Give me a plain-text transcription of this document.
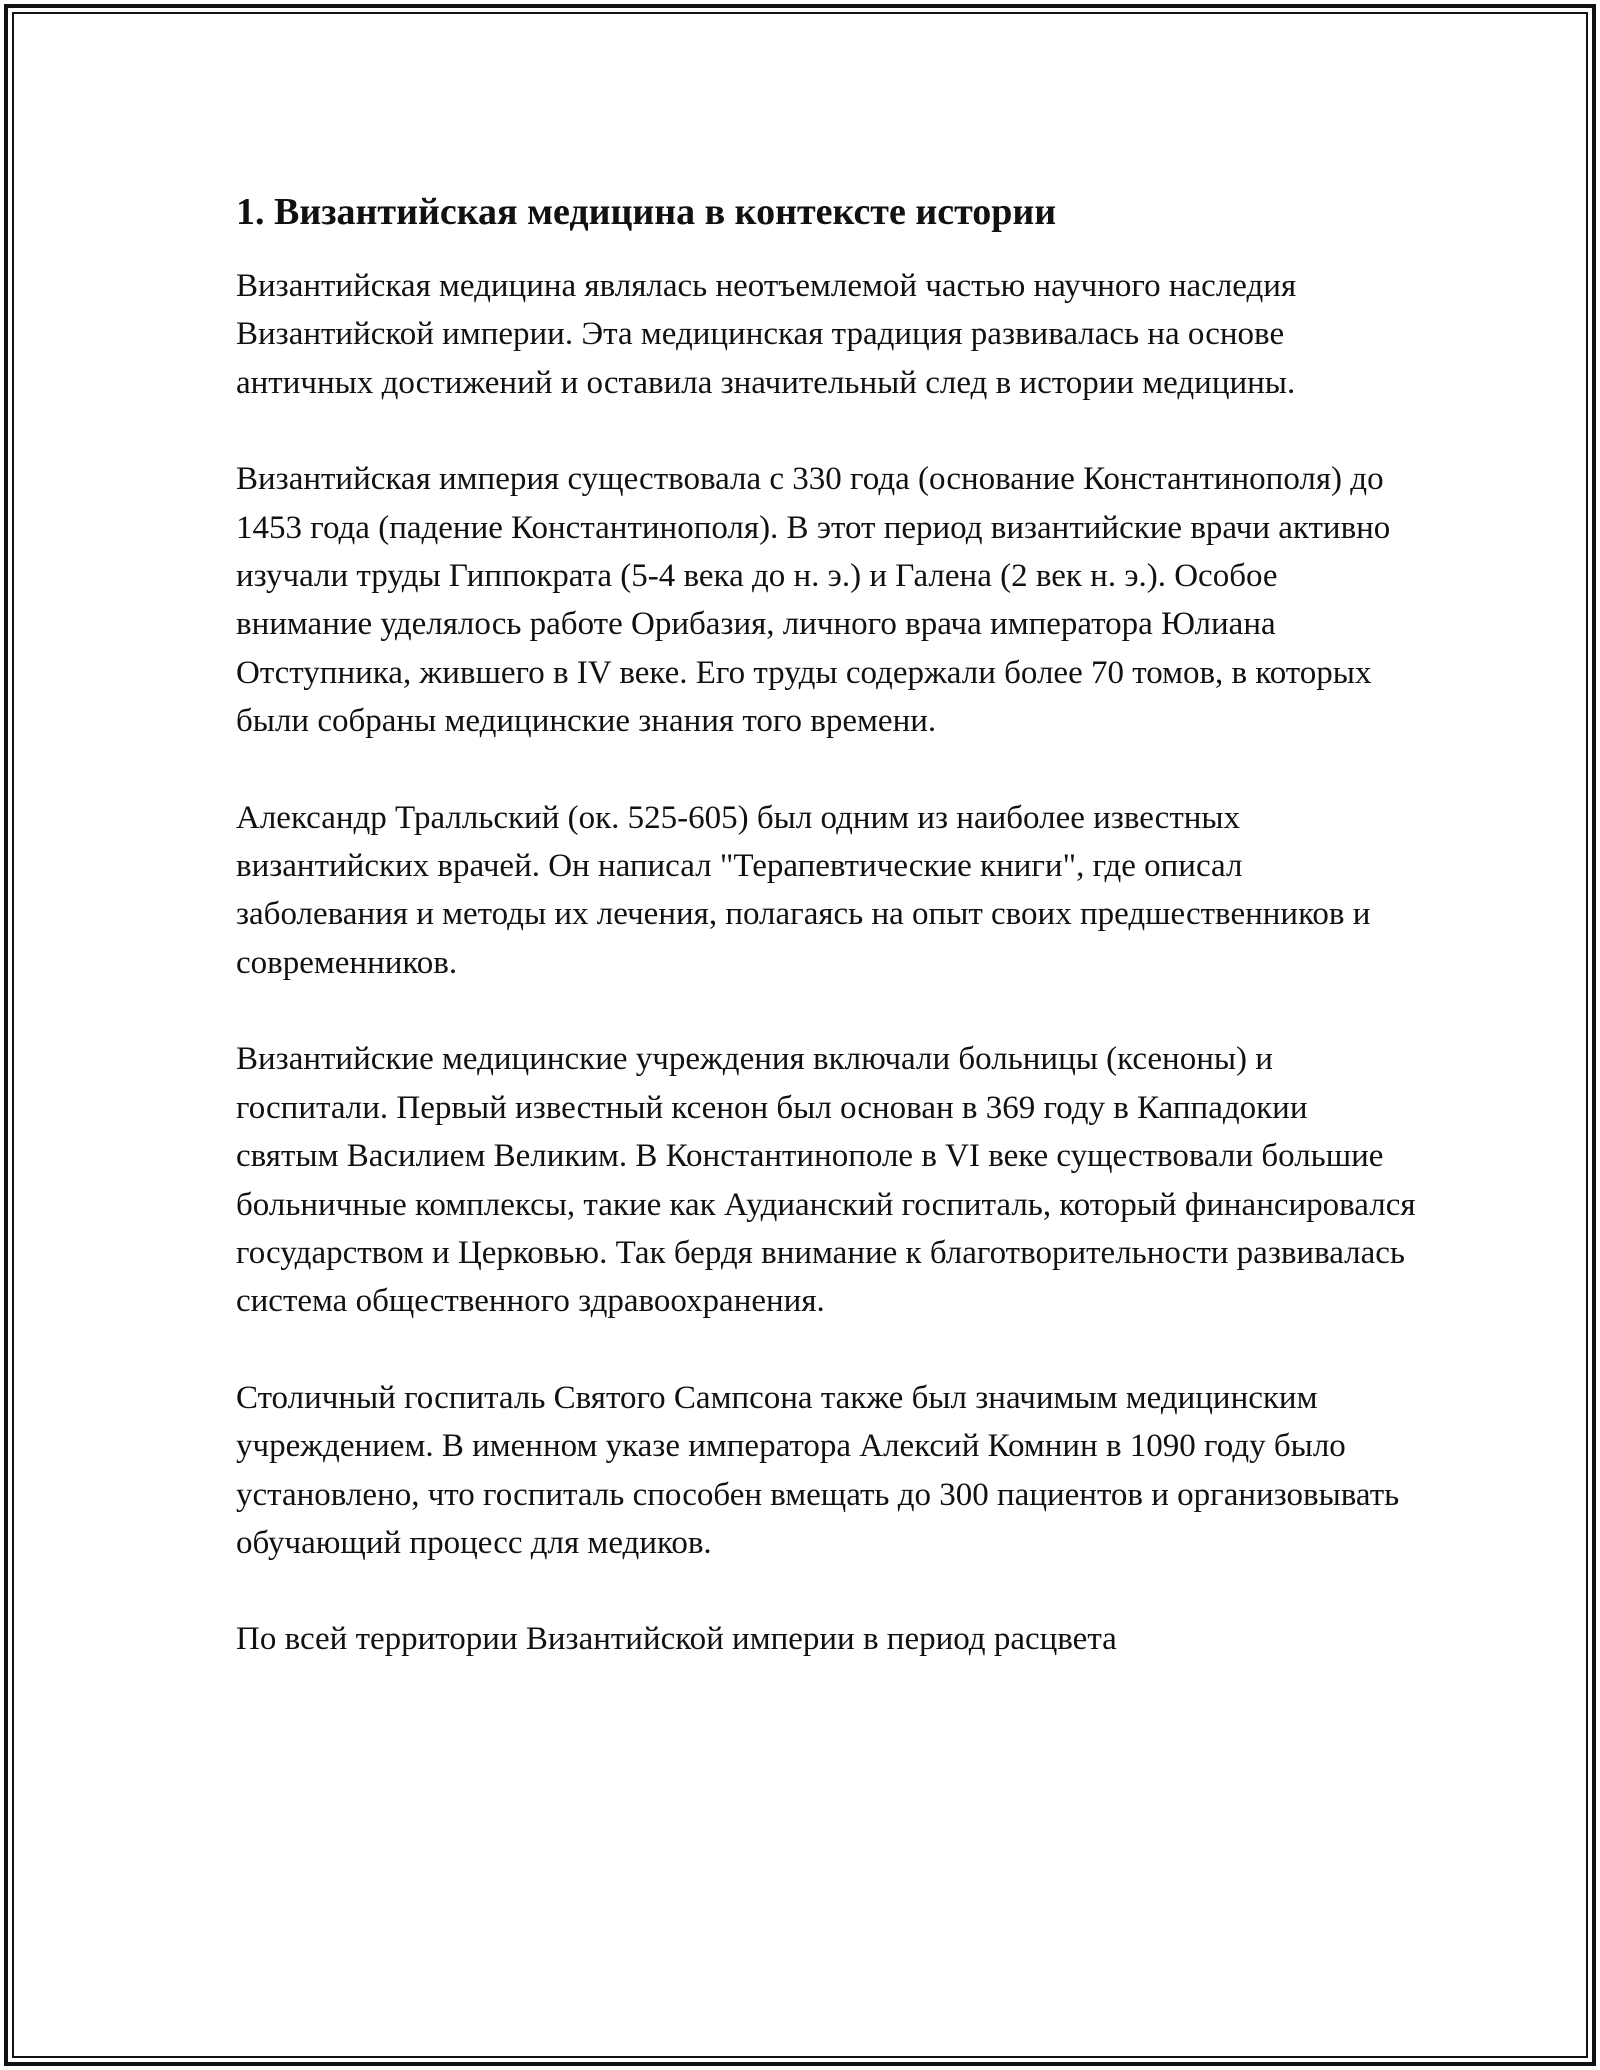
1. Византийская медицина в контексте истории

Византийская медицина являлась неотъемлемой частью научного наследия Византийской империи. Эта медицинская традиция развивалась на основе античных достижений и оставила значительный след в истории медицины.

Византийская империя существовала с 330 года (основание Константинополя) до 1453 года (падение Константинополя). В этот период византийские врачи активно изучали труды Гиппократа (5-4 века до н. э.) и Галена (2 век н. э.). Особое внимание уделялось работе Орибазия, личного врача императора Юлиана Отступника, жившего в IV веке. Его труды содержали более 70 томов, в которых были собраны медицинские знания того времени.

Александр Тралльский (ок. 525-605) был одним из наиболее известных византийских врачей. Он написал "Терапевтические книги", где описал заболевания и методы их лечения, полагаясь на опыт своих предшественников и современников.

Византийские медицинские учреждения включали больницы (ксеноны) и госпитали. Первый известный ксенон был основан в 369 году в Каппадокии святым Василием Великим. В Константинополе в VI веке существовали большие больничные комплексы, такие как Аудианский госпиталь, который финансировался государством и Церковью. Так бердя внимание к благотворительности развивалась система общественного здравоохранения.

Столичный госпиталь Святого Сампсона также был значимым медицинским учреждением. В именном указе императора Алексий Комнин в 1090 году было установлено, что госпиталь способен вмещать до 300 пациентов и организовывать обучающий процесс для медиков.

По всей территории Византийской империи в период расцвета
